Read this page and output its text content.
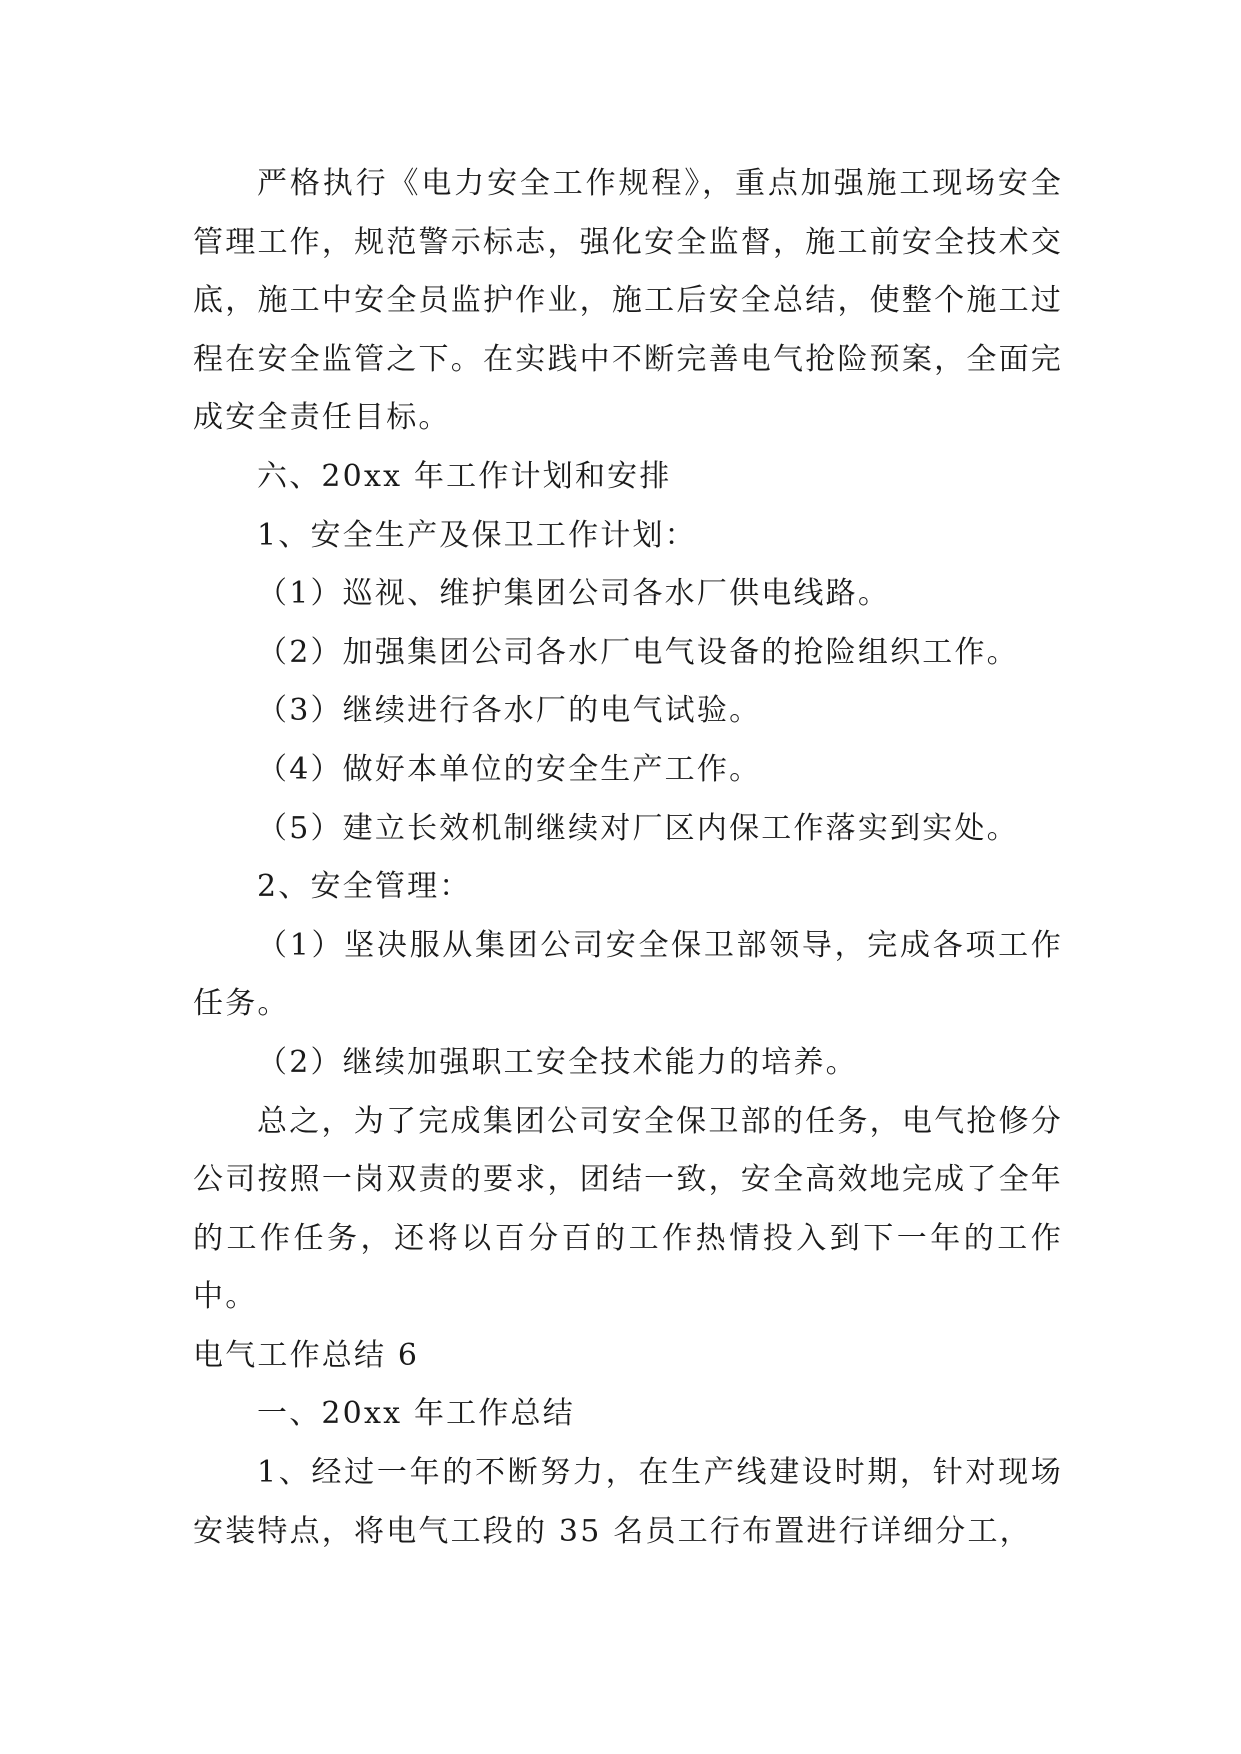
严格执行《电力安全工作规程》，重点加强施工现场安全管理工作，规范警示标志，强化安全监督，施工前安全技术交底，施工中安全员监护作业，施工后安全总结，使整个施工过程在安全监管之下。在实践中不断完善电气抢险预案，全面完成安全责任目标。

六、20xx 年工作计划和安排

1、安全生产及保卫工作计划：

（1）巡视、维护集团公司各水厂供电线路。

（2）加强集团公司各水厂电气设备的抢险组织工作。

（3）继续进行各水厂的电气试验。

（4）做好本单位的安全生产工作。

（5）建立长效机制继续对厂区内保工作落实到实处。

2、安全管理：

（1）坚决服从集团公司安全保卫部领导，完成各项工作任务。

（2）继续加强职工安全技术能力的培养。

总之，为了完成集团公司安全保卫部的任务，电气抢修分公司按照一岗双责的要求，团结一致，安全高效地完成了全年的工作任务，还将以百分百的工作热情投入到下一年的工作中。

电气工作总结 6

一、20xx 年工作总结

1、经过一年的不断努力，在生产线建设时期，针对现场安装特点，将电气工段的 35 名员工行布置进行详细分工，
